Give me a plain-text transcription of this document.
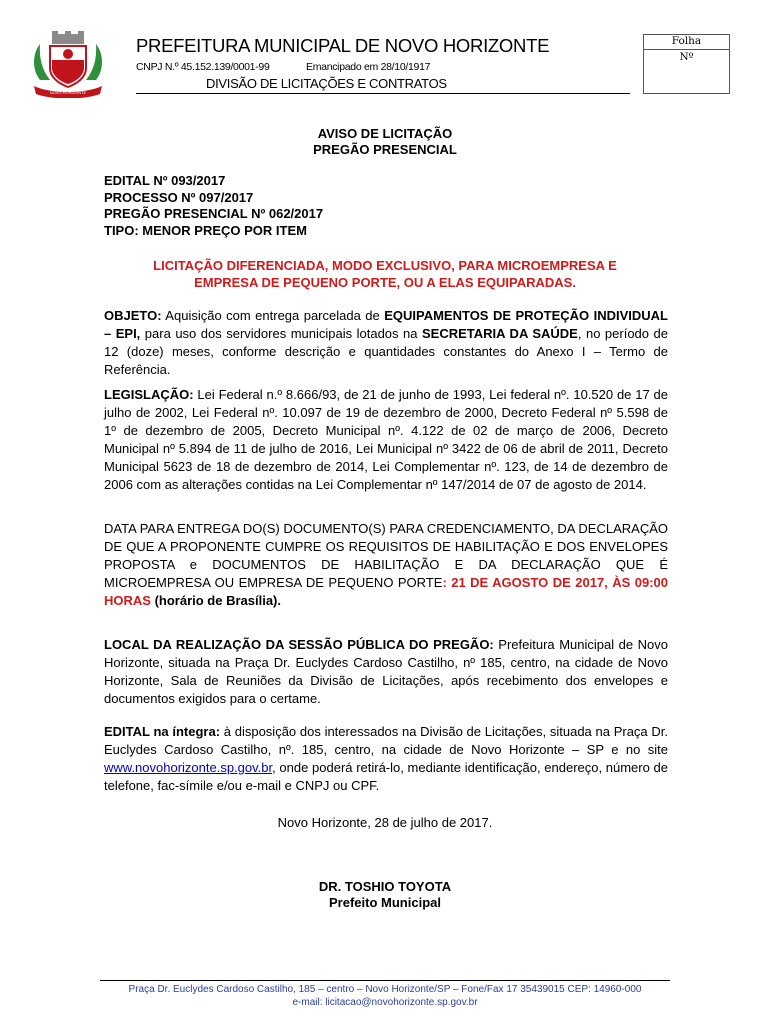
NOVO HORIZONTE
PREFEITURA MUNICIPAL DE NOVO HORIZONTE
CNPJ N.º 45.152.139/0001-99	Emancipado em 28/10/1917
DIVISÃO DE LICITAÇÕES E CONTRATOS
Folha
Nº
AVISO DE LICITAÇÃO
PREGÃO PRESENCIAL
EDITAL Nº 093/2017
PROCESSO Nº 097/2017
PREGÃO PRESENCIAL Nº 062/2017
TIPO: MENOR PREÇO POR ITEM
LICITAÇÃO DIFERENCIADA, MODO EXCLUSIVO, PARA MICROEMPRESA E
EMPRESA DE PEQUENO PORTE, OU A ELAS EQUIPARADAS.
OBJETO: Aquisição com entrega parcelada de EQUIPAMENTOS DE PROTEÇÃO INDIVIDUAL – EPI, para uso dos servidores municipais lotados na SECRETARIA DA SAÚDE, no período de 12 (doze) meses, conforme descrição e quantidades constantes do Anexo I – Termo de Referência.
LEGISLAÇÃO: Lei Federal n.º 8.666/93, de 21 de junho de 1993, Lei federal nº. 10.520 de 17 de julho de 2002, Lei Federal nº. 10.097 de 19 de dezembro de 2000, Decreto Federal nº 5.598 de 1º de dezembro de 2005, Decreto Municipal nº. 4.122 de 02 de março de 2006, Decreto Municipal nº 5.894 de 11 de julho de 2016, Lei Municipal nº 3422 de 06 de abril de 2011, Decreto Municipal 5623 de 18 de dezembro de 2014, Lei Complementar nº. 123, de 14 de dezembro de 2006 com as alterações contidas na Lei Complementar nº 147/2014 de 07 de agosto de 2014.
DATA PARA ENTREGA DO(S) DOCUMENTO(S) PARA CREDENCIAMENTO, DA DECLARAÇÃO DE QUE A PROPONENTE CUMPRE OS REQUISITOS DE HABILITAÇÃO E DOS ENVELOPES PROPOSTA e DOCUMENTOS DE HABILITAÇÃO E DA DECLARAÇÃO QUE É MICROEMPRESA OU EMPRESA DE PEQUENO PORTE: 21 DE AGOSTO DE 2017, ÀS 09:00 HORAS (horário de Brasília).
LOCAL DA REALIZAÇÃO DA SESSÃO PÚBLICA DO PREGÃO: Prefeitura Municipal de Novo Horizonte, situada na Praça Dr. Euclydes Cardoso Castilho, nº 185, centro, na cidade de Novo Horizonte, Sala de Reuniões da Divisão de Licitações, após recebimento dos envelopes e documentos exigidos para o certame.
EDITAL na íntegra: à disposição dos interessados na Divisão de Licitações, situada na Praça Dr. Euclydes Cardoso Castilho, nº. 185, centro, na cidade de Novo Horizonte – SP e no site www.novohorizonte.sp.gov.br, onde poderá retirá-lo, mediante identificação, endereço, número de telefone, fac-símile e/ou e-mail e CNPJ ou CPF.
Novo Horizonte, 28 de julho de 2017.
DR. TOSHIO TOYOTA
Prefeito Municipal
Praça Dr. Euclydes Cardoso Castilho, 185 – centro – Novo Horizonte/SP – Fone/Fax 17 35439015 CEP: 14960-000
e-mail: licitacao@novohorizonte.sp.gov.br
